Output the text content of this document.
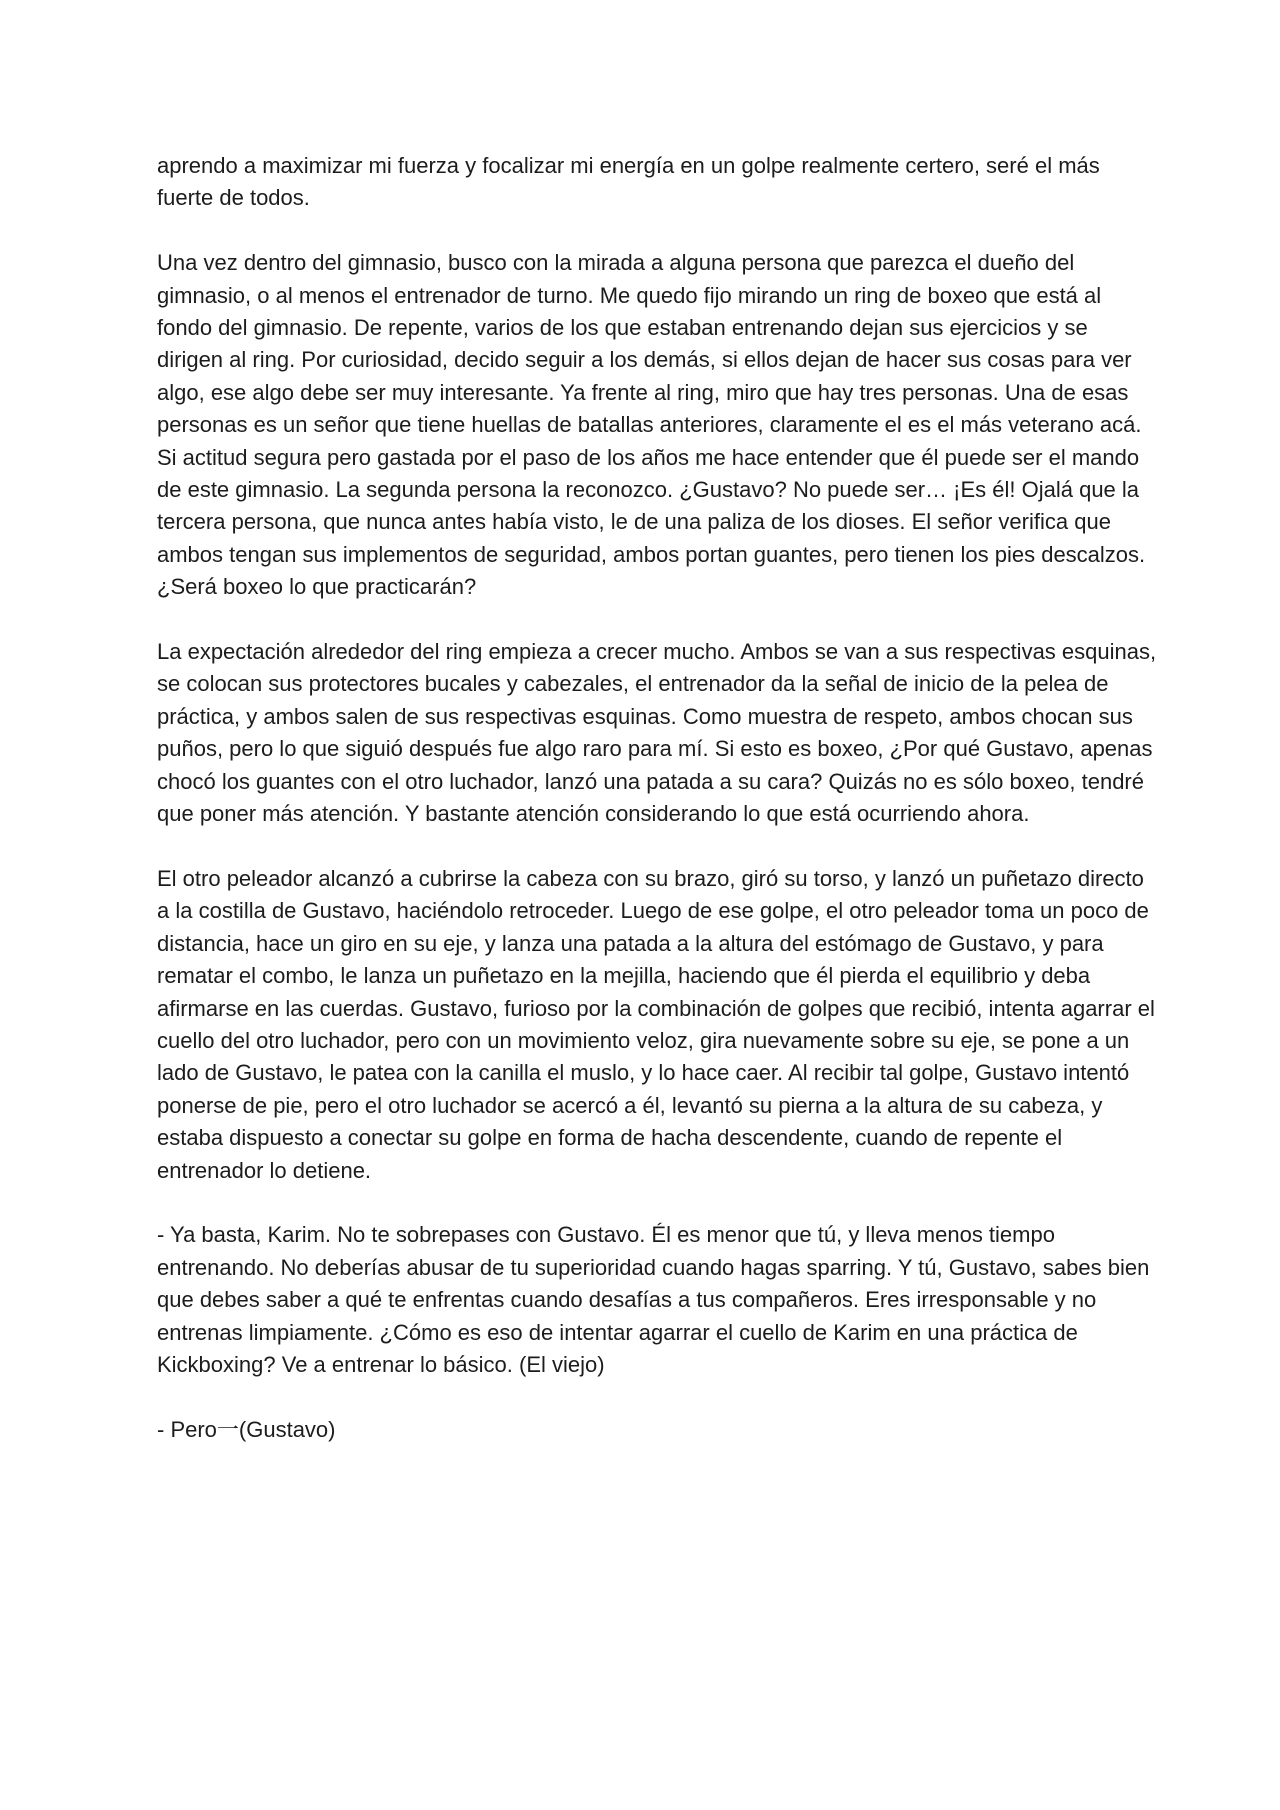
aprendo a maximizar mi fuerza y focalizar mi energía en un golpe realmente certero, seré el más fuerte de todos.

Una vez dentro del gimnasio, busco con la mirada a alguna persona que parezca el dueño del gimnasio, o al menos el entrenador de turno. Me quedo fijo mirando un ring de boxeo que está al fondo del gimnasio. De repente, varios de los que estaban entrenando dejan sus ejercicios y se dirigen al ring. Por curiosidad, decido seguir a los demás, si ellos dejan de hacer sus cosas para ver algo, ese algo debe ser muy interesante. Ya frente al ring, miro que hay tres personas. Una de esas personas es un señor que tiene huellas de batallas anteriores, claramente el es el más veterano acá. Si actitud segura pero gastada por el paso de los años me hace entender que él puede ser el mando de este gimnasio. La segunda persona la reconozco. ¿Gustavo? No puede ser… ¡Es él! Ojalá que la tercera persona, que nunca antes había visto, le de una paliza de los dioses. El señor verifica que ambos tengan sus implementos de seguridad, ambos portan guantes, pero tienen los pies descalzos. ¿Será boxeo lo que practicarán?

La expectación alrededor del ring empieza a crecer mucho. Ambos se van a sus respectivas esquinas, se colocan sus protectores bucales y cabezales, el entrenador da la señal de inicio de la pelea de práctica, y ambos salen de sus respectivas esquinas. Como muestra de respeto, ambos chocan sus puños, pero lo que siguió después fue algo raro para mí. Si esto es boxeo, ¿Por qué Gustavo, apenas chocó los guantes con el otro luchador, lanzó una patada a su cara? Quizás no es sólo boxeo, tendré que poner más atención. Y bastante atención considerando lo que está ocurriendo ahora.

El otro peleador alcanzó a cubrirse la cabeza con su brazo, giró su torso, y lanzó un puñetazo directo a la costilla de Gustavo, haciéndolo retroceder. Luego de ese golpe, el otro peleador toma un poco de distancia, hace un giro en su eje, y lanza una patada a la altura del estómago de Gustavo, y para rematar el combo, le lanza un puñetazo en la mejilla, haciendo que él pierda el equilibrio y deba afirmarse en las cuerdas. Gustavo, furioso por la combinación de golpes que recibió, intenta agarrar el cuello del otro luchador, pero con un movimiento veloz, gira nuevamente sobre su eje, se pone a un lado de Gustavo, le patea con la canilla el muslo, y lo hace caer. Al recibir tal golpe, Gustavo intentó ponerse de pie, pero el otro luchador se acercó a él, levantó su pierna a la altura de su cabeza, y estaba dispuesto a conectar su golpe en forma de hacha descendente, cuando de repente el entrenador lo detiene.

- Ya basta, Karim. No te sobrepases con Gustavo. Él es menor que tú, y lleva menos tiempo entrenando. No deberías abusar de tu superioridad cuando hagas sparring. Y tú, Gustavo, sabes bien que debes saber a qué te enfrentas cuando desafías a tus compañeros. Eres irresponsable y no entrenas limpiamente. ¿Cómo es eso de intentar agarrar el cuello de Karim en una práctica de Kickboxing? Ve a entrenar lo básico. (El viejo)

- Pero一(Gustavo)
